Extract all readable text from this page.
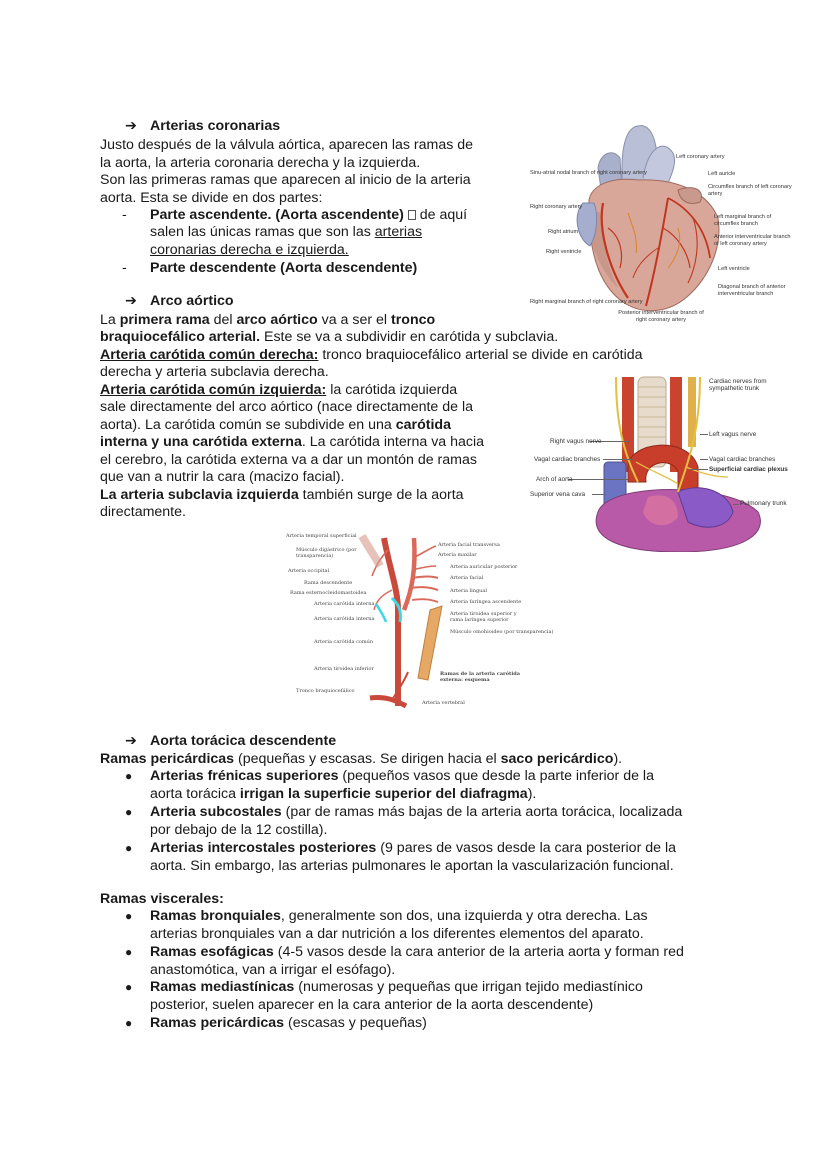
➔ Arterias coronarias
Justo después de la válvula aórtica, aparecen las ramas de
la aorta, la arteria coronaria derecha y la izquierda.
Son las primeras ramas que aparecen al inicio de la arteria
aorta. Esta se divide en dos partes:
- Parte ascendente. (Aorta ascendente)  de aquí
salen las únicas ramas que son las arterias
coronarias derecha e izquierda.
- Parte descendente (Aorta descendente)
Sinu-atrial nodal branch of right coronary artery
Right coronary artery
Right atrium
Right ventricle
Right marginal branch of right coronary artery
Left coronary artery
Left auricle
Circumflex branch of left coronary artery
Left marginal branch of circumflex branch
Anterior interventricular branch of left coronary artery
Left ventricle
Diagonal branch of anterior interventricular branch
Posterior interventricular branch of right coronary artery
➔ Arco aórtico
La primera rama del arco aórtico va a ser el tronco
braquiocefálico arterial. Este se va a subdividir en carótida y subclavia.
Arteria carótida común derecha: tronco braquiocefálico arterial se divide en carótida
derecha y arteria subclavia derecha.
Arteria carótida común izquierda: la carótida izquierda
sale directamente del arco aórtico (nace directamente de la
aorta). La carótida común se subdivide en una carótida
interna y una carótida externa. La carótida interna va hacia
el cerebro, la carótida externa va a dar un montón de ramas
que van a nutrir la cara (macizo facial).
La arteria subclavia izquierda también surge de la aorta
directamente.
Right vagus nerve
Vagal cardiac branches
Arch of aorta
Superior vena cava
Cardiac nerves from sympathetic trunk
Left vagus nerve
Vagal cardiac branches
Superficial cardiac plexus
Pulmonary trunk
Arteria temporal superficial
Músculo digástrico (por transparencia)
Arteria occipital
Rama descendente
Rama esternocleidomastoidea
Arteria carótida interna
Arteria carótida interna
Arteria carótida común
Arteria tiroidea inferior
Tronco braquiocefálico
Arteria facial transversa
Arteria maxilar
Arteria auricular posterior
Arteria facial
Arteria lingual
Arteria faríngea ascendente
Arteria tiroidea superior y rama laríngea superior
Músculo omohioideo (por transparencia)
Arteria vertebral
Ramas de la arteria carótida externa: esquema
➔ Aorta torácica descendente
Ramas pericárdicas (pequeñas y escasas. Se dirigen hacia el saco pericárdico).
● Arterias frénicas superiores (pequeños vasos que desde la parte inferior de la
aorta torácica irrigan la superficie superior del diafragma).
● Arteria subcostales (par de ramas más bajas de la arteria aorta torácica, localizada
por debajo de la 12 costilla).
● Arterias intercostales posteriores (9 pares de vasos desde la cara posterior de la
aorta. Sin embargo, las arterias pulmonares le aportan la vascularización funcional.
Ramas viscerales:
● Ramas bronquiales, generalmente son dos, una izquierda y otra derecha. Las
arterias bronquiales van a dar nutrición a los diferentes elementos del aparato.
● Ramas esofágicas (4-5 vasos desde la cara anterior de la arteria aorta y forman red
anastomótica, van a irrigar el esófago).
● Ramas mediastínicas (numerosas y pequeñas que irrigan tejido mediastínico
posterior, suelen aparecer en la cara anterior de la aorta descendente)
● Ramas pericárdicas (escasas y pequeñas)
